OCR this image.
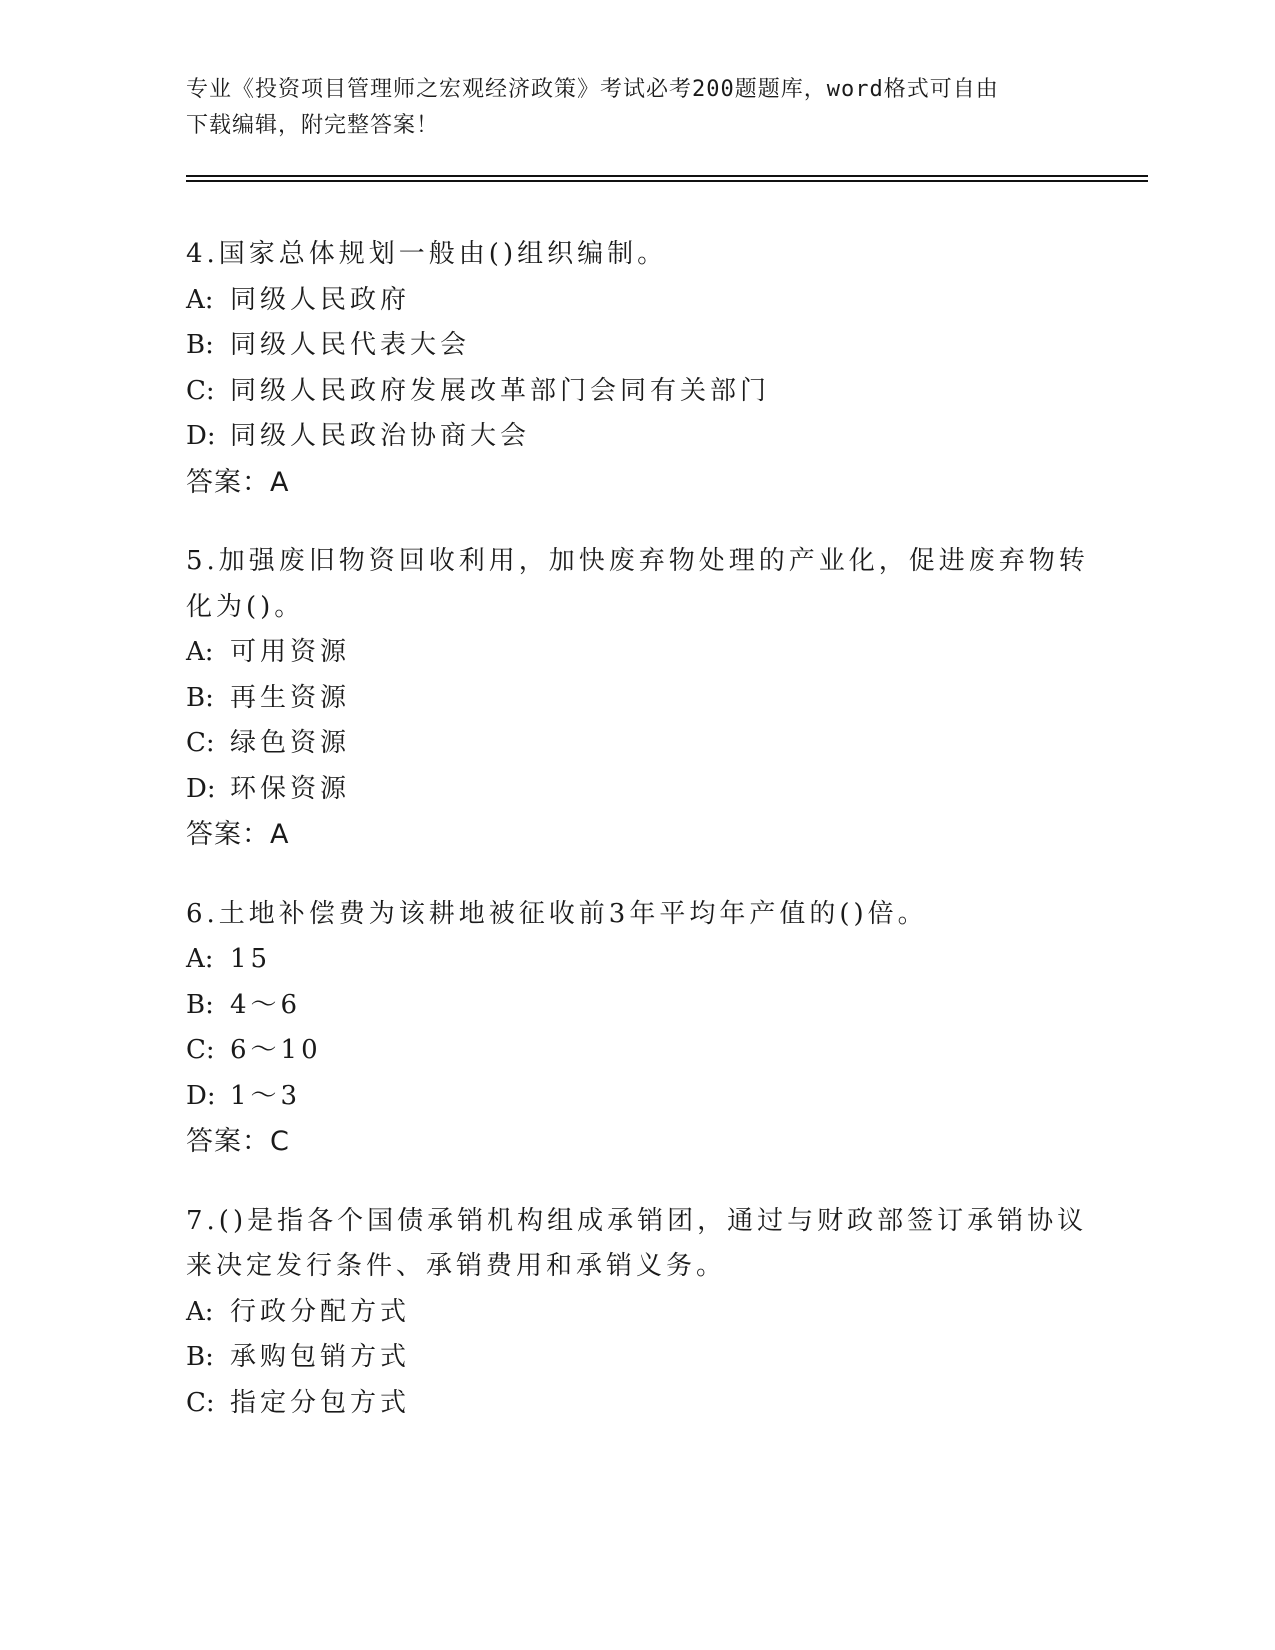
专业《投资项目管理师之宏观经济政策》考试必考200题题库，word格式可自由
下载编辑，附完整答案！
4.国家总体规划一般由()组织编制。
A: 同级人民政府
B: 同级人民代表大会
C: 同级人民政府发展改革部门会同有关部门
D: 同级人民政治协商大会
答案：A
5.加强废旧物资回收利用，加快废弃物处理的产业化，促进废弃物转
化为()。
A: 可用资源
B: 再生资源
C: 绿色资源
D: 环保资源
答案：A
6.土地补偿费为该耕地被征收前3年平均年产值的()倍。
A: 15
B: 4～6
C: 6～10
D: 1～3
答案：C
7.()是指各个国债承销机构组成承销团，通过与财政部签订承销协议
来决定发行条件、承销费用和承销义务。
A: 行政分配方式
B: 承购包销方式
C: 指定分包方式
